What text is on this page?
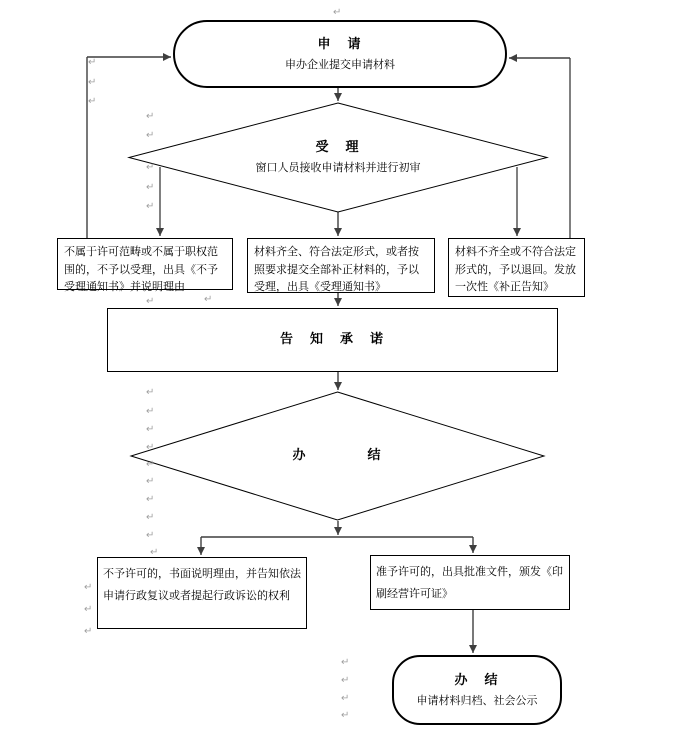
申　请
申办企业提交申请材料
受　理
窗口人员接收申请材料并进行初审
不属于许可范畴或不属于职权范围的，不予以受理，出具《不予受理通知书》并说明理由
材料齐全、符合法定形式，或者按照要求提交全部补正材料的，予以受理，出具《受理通知书》
材料不齐全或不符合法定形式的，予以退回。发放一次性《补正告知》
告　知　承　诺
办　　　　结
不予许可的，书面说明理由，并告知依法申请行政复议或者提起行政诉讼的权利
准予许可的，出具批准文件，颁发《印刷经营许可证》
办　结
申请材料归档、社会公示
↵
↵
↵
↵
↵
↵
↵
↵
↵
↵
↵
↵
↵
↵
↵
↵
↵
↵
↵
↵
↵
↵
↵
↵
↵
↵
↵
↵
